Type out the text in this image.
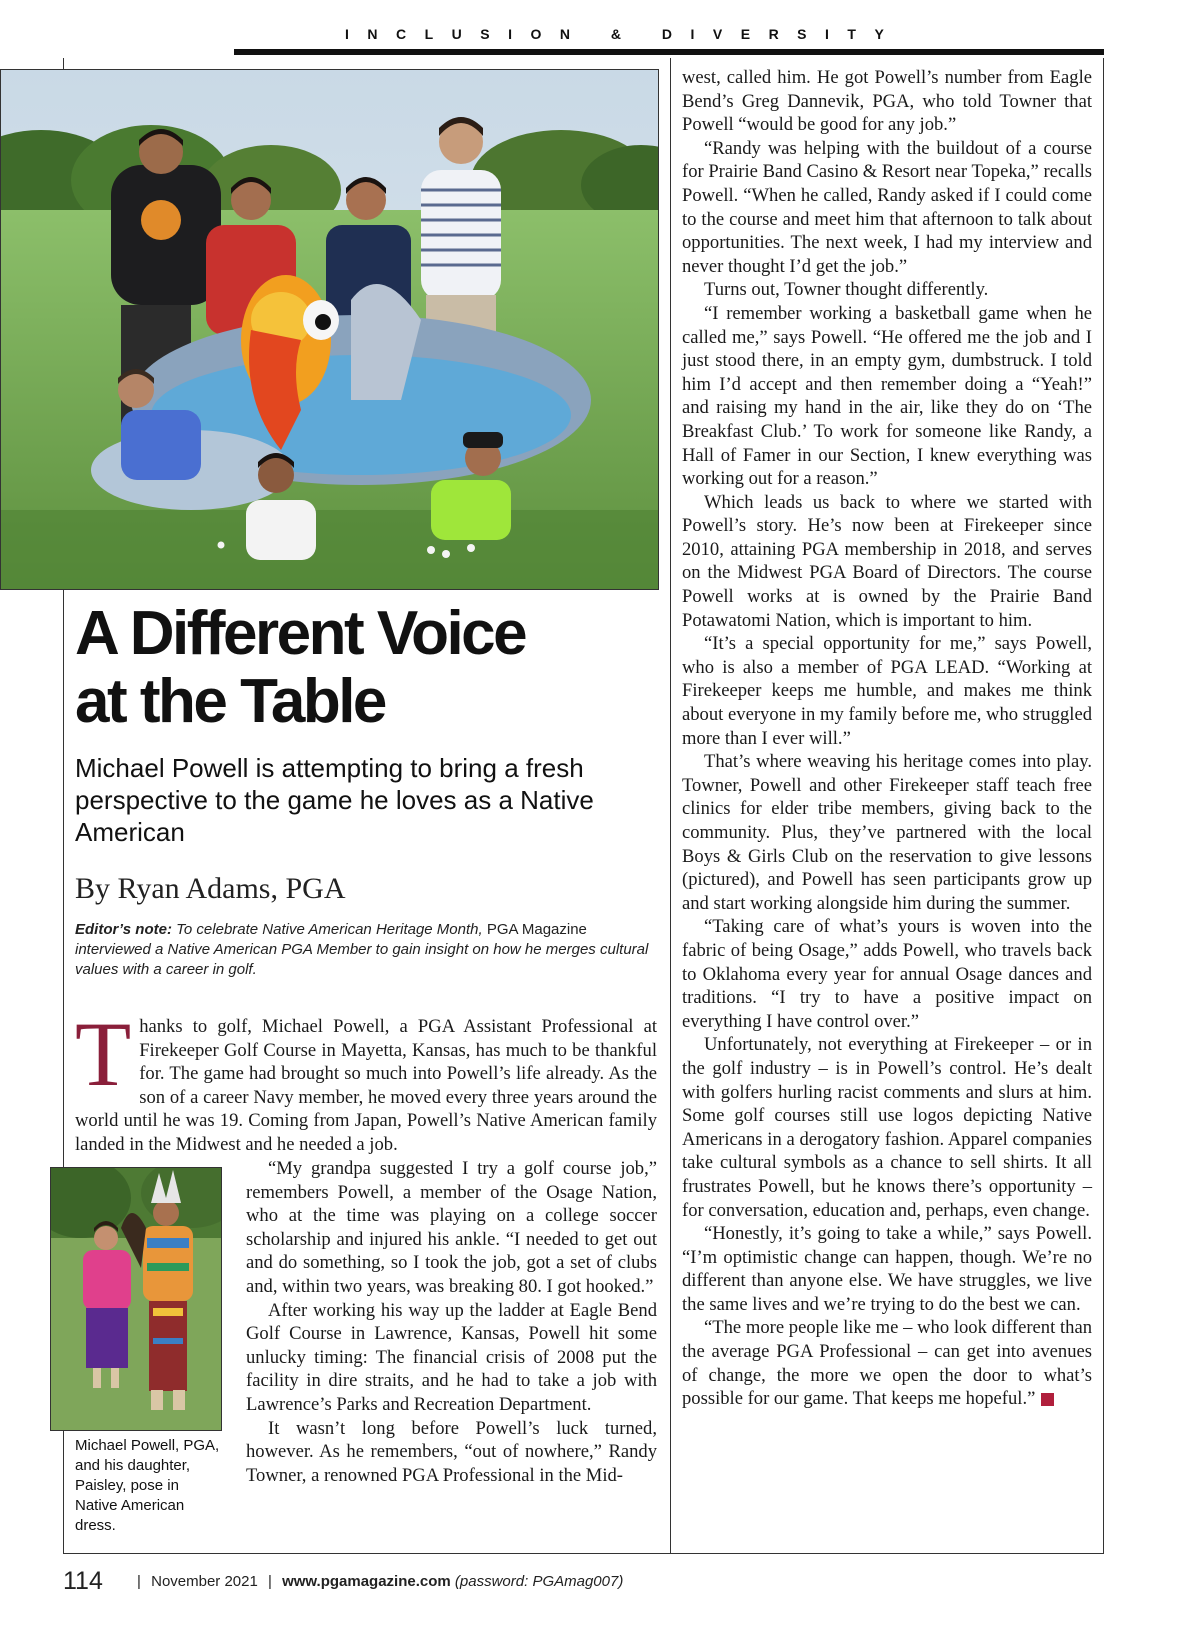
INCLUSION & DIVERSITY
A Different Voice
at the Table

Michael Powell is attempting to bring a fresh perspective to the game he loves as a Native American

By Ryan Adams, PGA

Editor’s note: To celebrate Native American Heritage Month, PGA Magazine interviewed a Native American PGA Member to gain insight on how he merges cultural values with a career in golf.

T hanks to golf, Michael Powell, a PGA Assistant Professional at Firekeeper Golf Course in Mayetta, Kansas, has much to be thankful for. The game had brought so much into Powell’s life already. As the son of a career Navy member, he moved every three years around the world until he was 19. Coming from Japan, Powell’s Native American family landed in the Midwest and he needed a job.

Michael Powell, PGA, and his daughter, Paisley, pose in Native American dress.

“My grandpa suggested I try a golf course job,” remembers Powell, a member of the Osage Nation, who at the time was playing on a college soccer scholarship and injured his ankle. “I needed to get out and do something, so I took the job, got a set of clubs and, within two years, was breaking 80. I got hooked.”

After working his way up the ladder at Eagle Bend Golf Course in Lawrence, Kansas, Powell hit some unlucky timing: The financial crisis of 2008 put the facility in dire straits, and he had to take a job with Lawrence’s Parks and Recreation Department.

It wasn’t long before Powell’s luck turned, however. As he remembers, “out of nowhere,” Randy Towner, a renowned PGA Professional in the Mid-

west, called him. He got Powell’s number from Eagle Bend’s Greg Dannevik, PGA, who told Towner that Powell “would be good for any job.”

“Randy was helping with the buildout of a course for Prairie Band Casino & Resort near Topeka,” recalls Powell. “When he called, Randy asked if I could come to the course and meet him that afternoon to talk about opportunities. The next week, I had my interview and never thought I’d get the job.”

Turns out, Towner thought differently.

“I remember working a basketball game when he called me,” says Powell. “He offered me the job and I just stood there, in an empty gym, dumbstruck. I told him I’d accept and then remember doing a “Yeah!” and raising my hand in the air, like they do on ‘The Breakfast Club.’ To work for someone like Randy, a Hall of Famer in our Section, I knew everything was working out for a reason.”

Which leads us back to where we started with Powell’s story. He’s now been at Firekeeper since 2010, attaining PGA membership in 2018, and serves on the Midwest PGA Board of Directors. The course Powell works at is owned by the Prairie Band Potawatomi Nation, which is important to him.

“It’s a special opportunity for me,” says Powell, who is also a member of PGA LEAD. “Working at Firekeeper keeps me humble, and makes me think about everyone in my family before me, who struggled more than I ever will.”

That’s where weaving his heritage comes into play. Towner, Powell and other Firekeeper staff teach free clinics for elder tribe members, giving back to the community. Plus, they’ve partnered with the local Boys & Girls Club on the reservation to give lessons (pictured), and Powell has seen participants grow up and start working alongside him during the summer.

“Taking care of what’s yours is woven into the fabric of being Osage,” adds Powell, who travels back to Oklahoma every year for annual Osage dances and traditions. “I try to have a positive impact on everything I have control over.”

Unfortunately, not everything at Firekeeper – or in the golf industry – is in Powell’s control. He’s dealt with golfers hurling racist comments and slurs at him. Some golf courses still use logos depicting Native Americans in a derogatory fashion. Apparel companies take cultural symbols as a chance to sell shirts. It all frustrates Powell, but he knows there’s opportunity – for conversation, education and, perhaps, even change.

“Honestly, it’s going to take a while,” says Powell. “I’m optimistic change can happen, though. We’re no different than anyone else. We have struggles, we live the same lives and we’re trying to do the best we can.

“The more people like me – who look different than the average PGA Professional – can get into avenues of change, the more we open the door to what’s possible for our game. That keeps me hopeful.”

114 | November 2021 | www.pgamagazine.com (password: PGAmag007)
